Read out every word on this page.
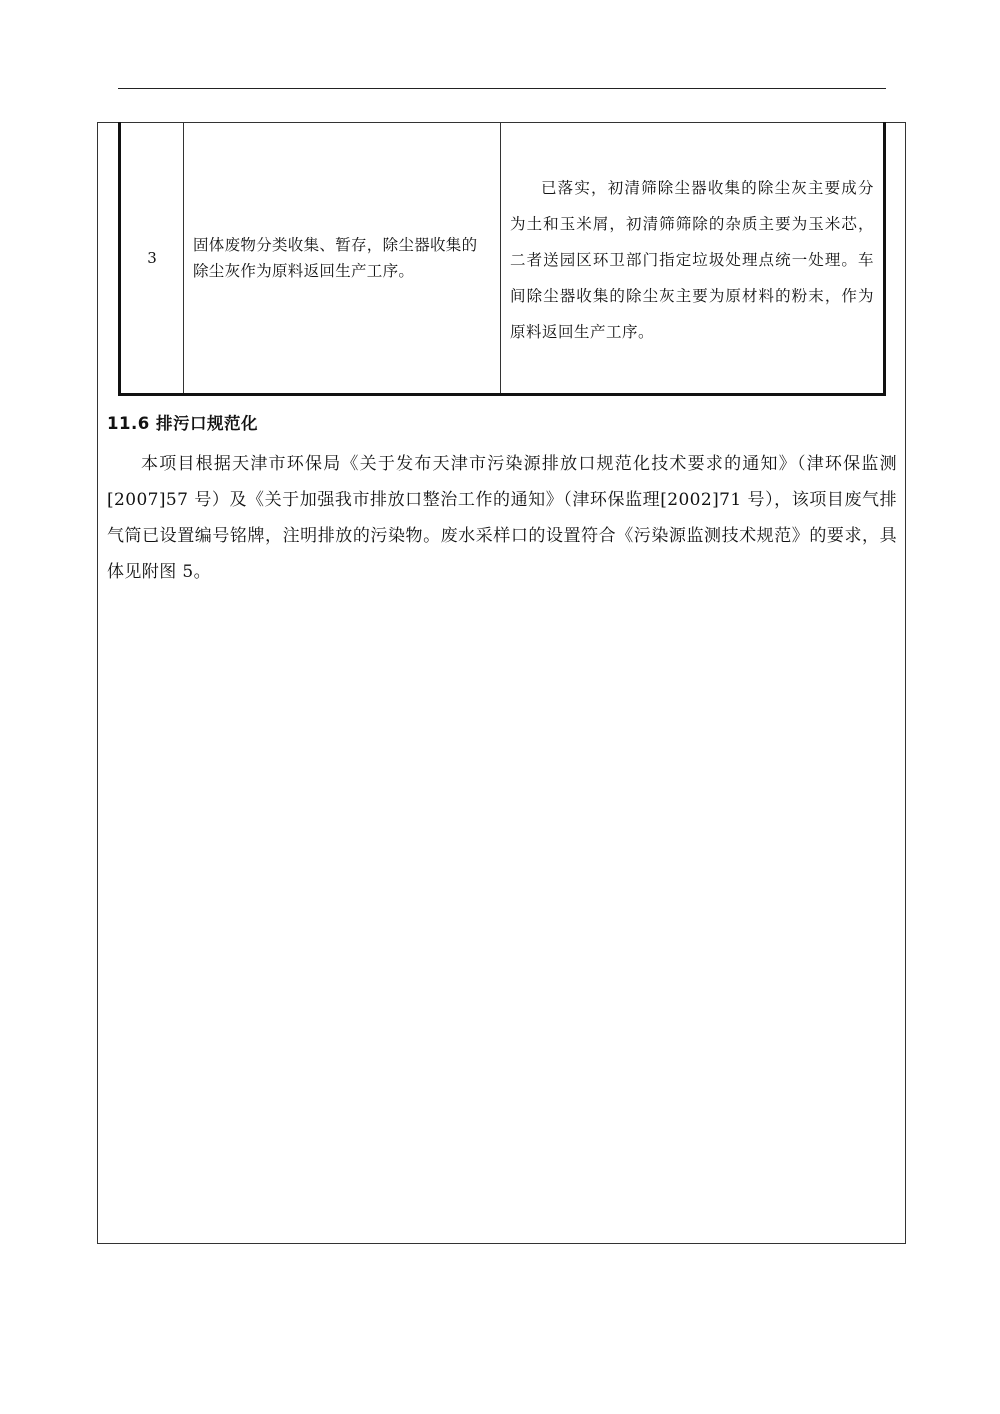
3
固体废物分类收集、暂存，除尘器收集的除尘灰作为原料返回生产工序。
已落实，初清筛除尘器收集的除尘灰主要成分为土和玉米屑，初清筛筛除的杂质主要为玉米芯，二者送园区环卫部门指定垃圾处理点统一处理。车间除尘器收集的除尘灰主要为原材料的粉末，作为原料返回生产工序。
11.6 排污口规范化
本项目根据天津市环保局《关于发布天津市污染源排放口规范化技术要求的通知》（津环保监测[2007]57 号）及《关于加强我市排放口整治工作的通知》（津环保监理[2002]71 号），该项目废气排气筒已设置编号铭牌，注明排放的污染物。废水采样口的设置符合《污染源监测技术规范》的要求，具体见附图 5。
